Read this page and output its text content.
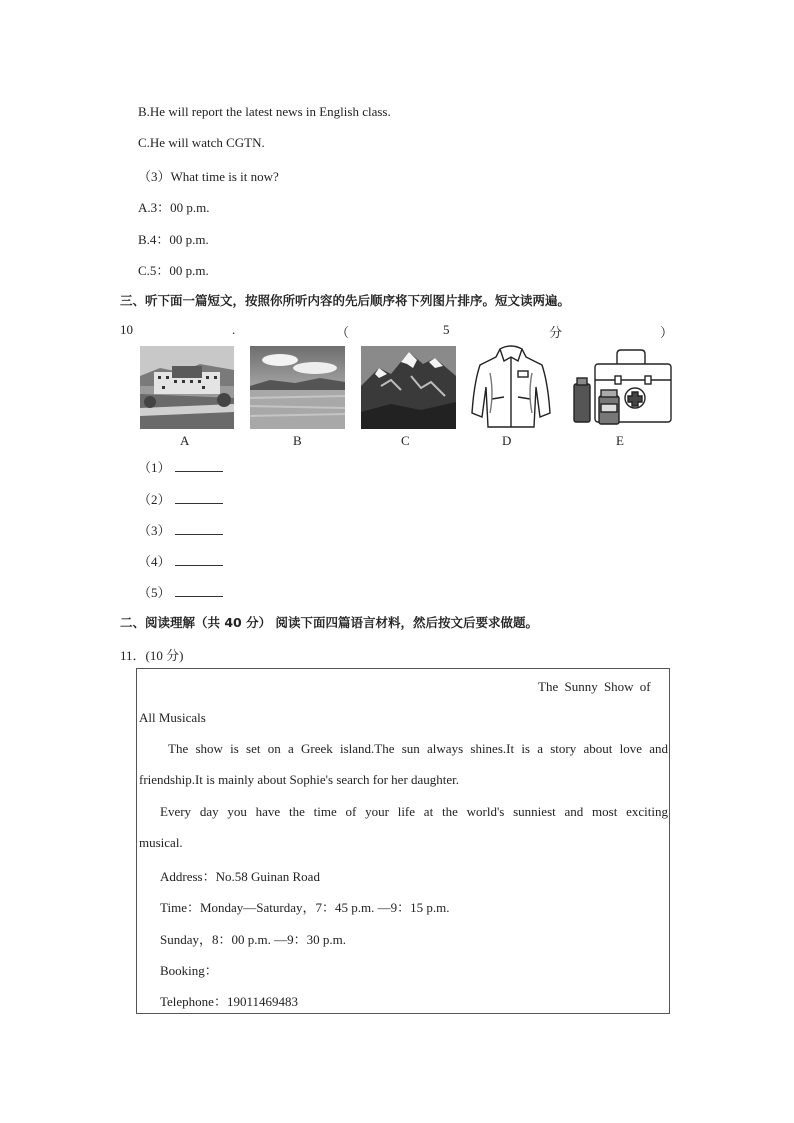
B.He will report the latest news in English class.
C.He will watch CGTN.
（3）What time is it now?
A.3：00 p.m.
B.4：00 p.m.
C.5：00 p.m.
三、听下面一篇短文，按照你所听内容的先后顺序将下列图片排序。短文读两遍。
10	.	（	5	分	）
A	B	C	D	E
（1）
（2）
（3）
（4）
（5）
二、阅读理解（共 40 分） 阅读下面四篇语言材料，然后按文后要求做题。
11．(10 分)
The Sunny Show of
All Musicals
The show is set on a Greek island.The sun always shines.It is a story about love and
friendship.It is mainly about Sophie's search for her daughter.
Every day you have the time of your life at the world's sunniest and most exciting
musical.
Address：No.58 Guinan Road
Time：Monday—Saturday，7：45 p.m. —9：15 p.m.
Sunday，8：00 p.m. —9：30 p.m.
Booking：
Telephone：19011469483
